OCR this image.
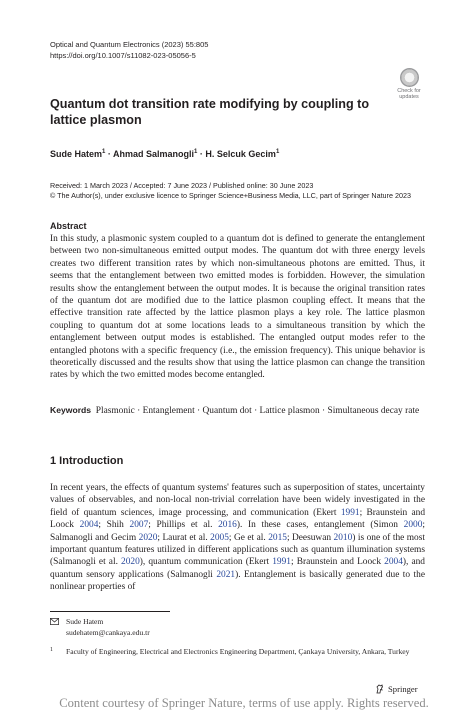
Optical and Quantum Electronics (2023) 55:805
https://doi.org/10.1007/s11082-023-05056-5
Check for updates
Quantum dot transition rate modifying by coupling to lattice plasmon
Sude Hatem$^1$ · Ahmad Salmanogli$^1$ · H. Selcuk Gecim$^1$
Received: 1 March 2023 / Accepted: 7 June 2023 / Published online: 30 June 2023
© The Author(s), under exclusive licence to Springer Science+Business Media, LLC, part of Springer Nature 2023
Abstract

In this study, a plasmonic system coupled to a quantum dot is defined to generate the entanglement between two non-simultaneous emitted output modes. The quantum dot with three energy levels creates two different transition rates by which non-simultaneous photons are emitted. Thus, it seems that the entanglement between two emitted modes is forbidden. However, the simulation results show the entanglement between the output modes. It is because the original transition rates of the quantum dot are modified due to the lattice plasmon coupling effect. It means that the effective transition rate affected by the lattice plasmon plays a key role. The lattice plasmon coupling to quantum dot at some locations leads to a simultaneous transition by which the entanglement between output modes is established. The entangled output modes refer to the entangled photons with a specific frequency (i.e., the emission frequency). This unique behavior is theoretically discussed and the results show that using the lattice plasmon can change the transition rates by which the two emitted modes become entangled.

Keywords Plasmonic · Entanglement · Quantum dot · Lattice plasmon · Simultaneous decay rate

1 Introduction

In recent years, the effects of quantum systems' features such as superposition of states, uncertainty values of observables, and non-local non-trivial correlation have been widely investigated in the field of quantum sciences, image processing, and communication (Ekert 1991; Braunstein and Loock 2004; Shih 2007; Phillips et al. 2016). In these cases, entanglement (Simon 2000; Salmanogli and Gecim 2020; Laurat et al. 2005; Ge et al. 2015; Deesuwan 2010) is one of the most important quantum features utilized in different applications such as quantum illumination systems (Salmanogli et al. 2020), quantum communication (Ekert 1991; Braunstein and Loock 2004), and quantum sensory applications (Salmanogli 2021). Entanglement is basically generated due to the nonlinear properties of

Sude Hatem
sudehatem@cankaya.edu.tr
1 Faculty of Engineering, Electrical and Electronics Engineering Department, Çankaya University, Ankara, Turkey

Springer
Content courtesy of Springer Nature, terms of use apply. Rights reserved.
